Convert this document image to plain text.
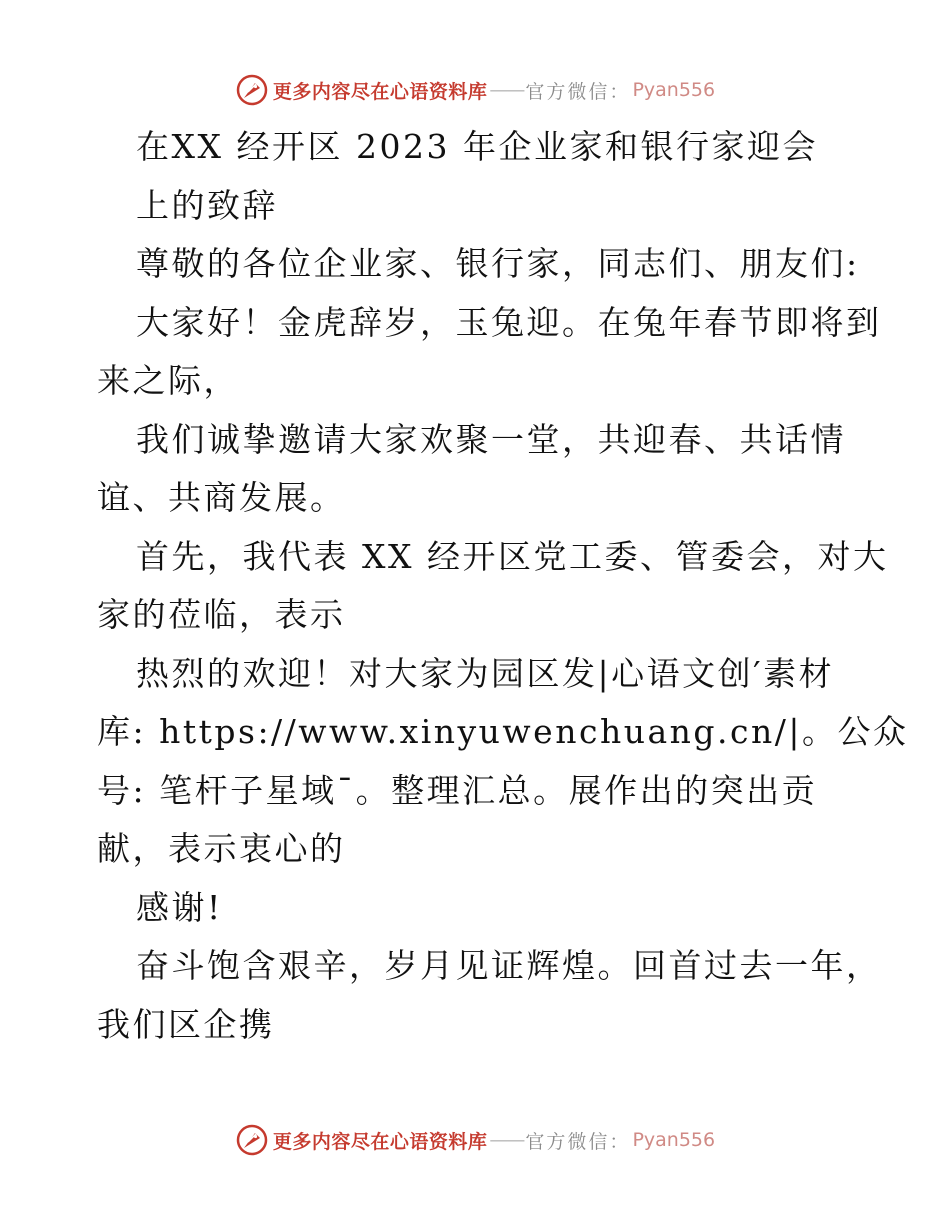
更多内容尽在心语资料库 —— 官方微信： Pyan556
在XX 经开区 2023 年企业家和银行家迎会
上的致辞
尊敬的各位企业家、银行家，同志们、朋友们:
大家好！金虎辞岁，玉兔迎。在兔年春节即将到
来之际，
我们诚挚邀请大家欢聚一堂，共迎春、共话情
谊、共商发展。
首先，我代表 XX 经开区党工委、管委会，对大
家的莅临，表示
热烈的欢迎！对大家为园区发|心语文创′素材
库: https://www.xinyuwenchuang.cn/|。公众
号: 笔杆子星域¯。整理汇总。展作出的突出贡
献，表示衷心的
感谢!
奋斗饱含艰辛，岁月见证辉煌。回首过去一年，
我们区企携
更多内容尽在心语资料库 —— 官方微信： Pyan556
